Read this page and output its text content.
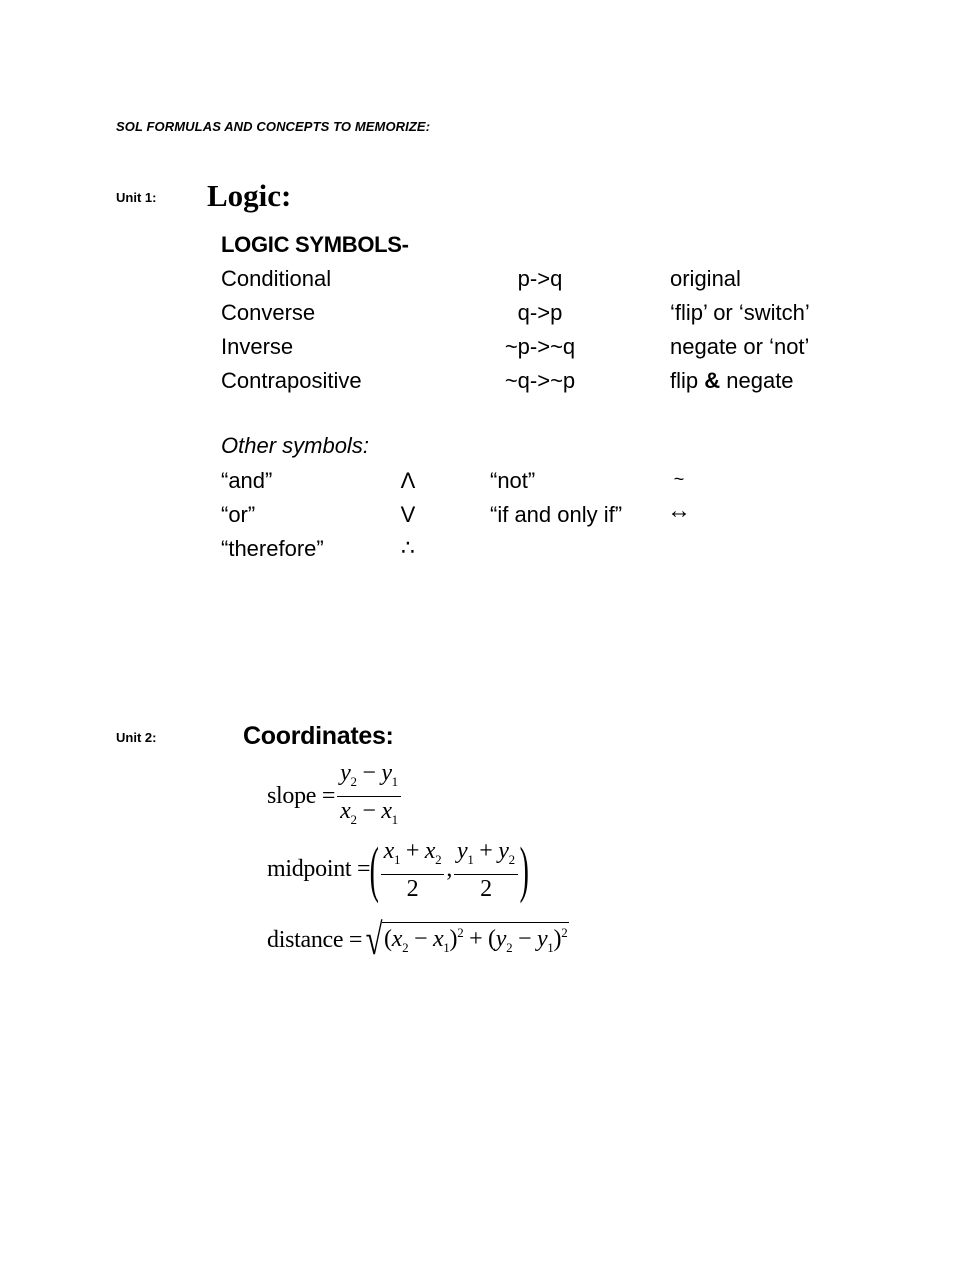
SOL FORMULAS AND CONCEPTS TO MEMORIZE:
Unit 1: Logic:
LOGIC SYMBOLS-
Conditional	p->q	original
Converse	q->p	‘flip’ or ‘switch’
Inverse	~p->~q	negate or ‘not’
Contrapositive	~q->~p	flip & negate
Other symbols:
“and”	Λ	“not”	~
“or”	V	“if and only if” ↔
“therefore”	∴
Unit 2:	Coordinates:
slope = $\frac{y_2 - y_1}{x_2 - x_1}$
midpoint = ( $\frac{x_1 + x_2}{2}$ , $\frac{y_1 + y_2}{2}$ )
distance = √ $(x_2 - x_1)^2 + (y_2 - y_1)^2$
